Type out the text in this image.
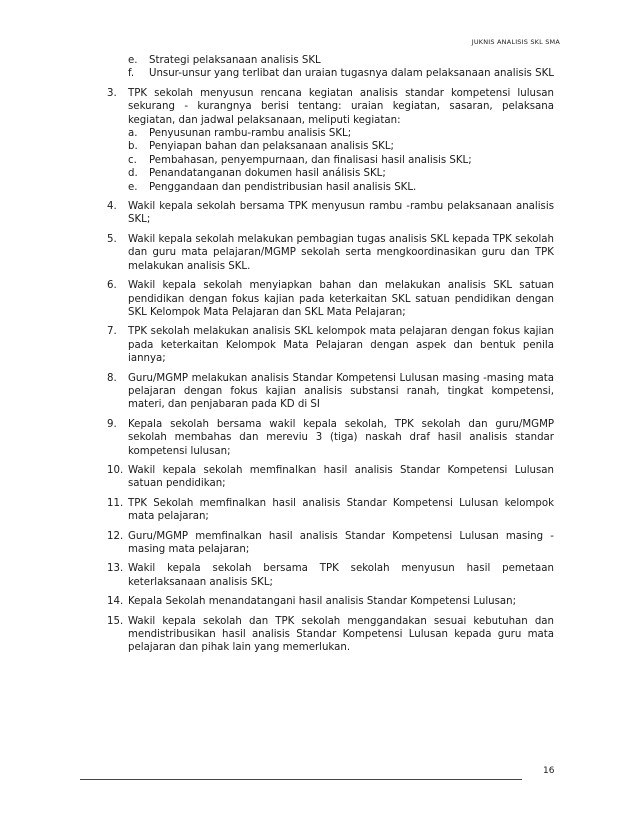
JUKNIS ANALISIS SKL SMA
e.	Strategi pelaksanaan analisis SKL
f.	Unsur-unsur yang terlibat dan uraian tugasnya dalam pelaksanaan analisis SKL
3.	TPK sekolah menyusun rencana kegiatan analisis standar kompetensi lulusan sekurang - kurangnya berisi tentang: uraian kegiatan, sasaran, pelaksana kegiatan, dan jadwal pelaksanaan, meliputi kegiatan:
a.	Penyusunan rambu-rambu analisis SKL;
b.	Penyiapan bahan dan pelaksanaan analisis SKL;
c.	Pembahasan, penyempurnaan, dan finalisasi hasil analisis SKL;
d.	Penandatanganan dokumen hasil análisis SKL;
e.	Penggandaan dan pendistribusian hasil analisis SKL.
4.	Wakil kepala sekolah bersama TPK menyusun rambu -rambu pelaksanaan analisis SKL;
5.	Wakil kepala sekolah melakukan pembagian tugas analisis SKL kepada TPK sekolah dan guru mata pelajaran/MGMP sekolah serta mengkoordinasikan guru dan TPK melakukan analisis SKL.
6.	Wakil kepala sekolah menyiapkan bahan dan melakukan analisis SKL satuan pendidikan dengan fokus kajian pada keterkaitan SKL satuan pendidikan dengan SKL Kelompok Mata Pelajaran dan SKL Mata Pelajaran;
7.	TPK sekolah melakukan analisis SKL kelompok mata pelajaran dengan fokus kajian pada keterkaitan Kelompok Mata Pelajaran dengan aspek dan bentuk penila iannya;
8.	Guru/MGMP melakukan analisis Standar Kompetensi Lulusan masing -masing mata pelajaran dengan fokus kajian analisis substansi ranah, tingkat kompetensi, materi, dan penjabaran pada KD di SI
9.	Kepala sekolah bersama wakil kepala sekolah, TPK sekolah dan guru/MGMP sekolah membahas dan mereviu 3 (tiga) naskah draf hasil analisis standar kompetensi lulusan;
10. Wakil kepala sekolah memfinalkan hasil analisis Standar Kompetensi Lulusan satuan pendidikan;
11. TPK Sekolah memfinalkan hasil analisis Standar Kompetensi Lulusan kelompok mata pelajaran;
12. Guru/MGMP memfinalkan hasil analisis Standar Kompetensi Lulusan masing -masing mata pelajaran;
13. Wakil kepala sekolah bersama TPK sekolah menyusun hasil pemetaan keterlaksanaan analisis SKL;
14. Kepala Sekolah menandatangani hasil analisis Standar Kompetensi Lulusan;
15. Wakil kepala sekolah dan TPK sekolah menggandakan sesuai kebutuhan dan mendistribusikan hasil analisis Standar Kompetensi Lulusan kepada guru mata pelajaran dan pihak lain yang memerlukan.
16
